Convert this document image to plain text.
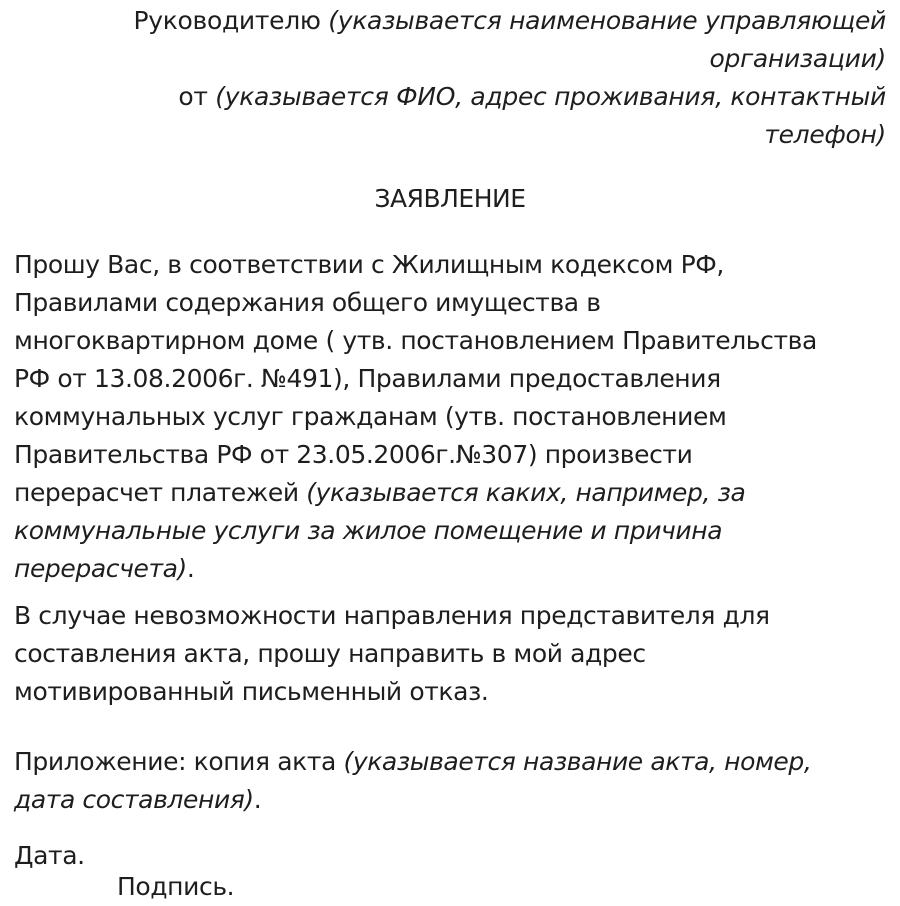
Руководителю (указывается наименование управляющей
организации)
от (указывается ФИО, адрес проживания, контактный
телефон)
ЗАЯВЛЕНИЕ
Прошу Вас, в соответствии с Жилищным кодексом РФ,
Правилами содержания общего имущества в
многоквартирном доме ( утв. постановлением Правительства
РФ от 13.08.2006г. №491), Правилами предоставления
коммунальных услуг гражданам (утв. постановлением
Правительства РФ от 23.05.2006г.№307) произвести
перерасчет платежей (указывается каких, например, за
коммунальные услуги за жилое помещение и причина
перерасчета).
В случае невозможности направления представителя для
составления акта, прошу направить в мой адрес
мотивированный письменный отказ.
Приложение: копия акта (указывается название акта, номер,
дата составления).
Дата.
Подпись.
